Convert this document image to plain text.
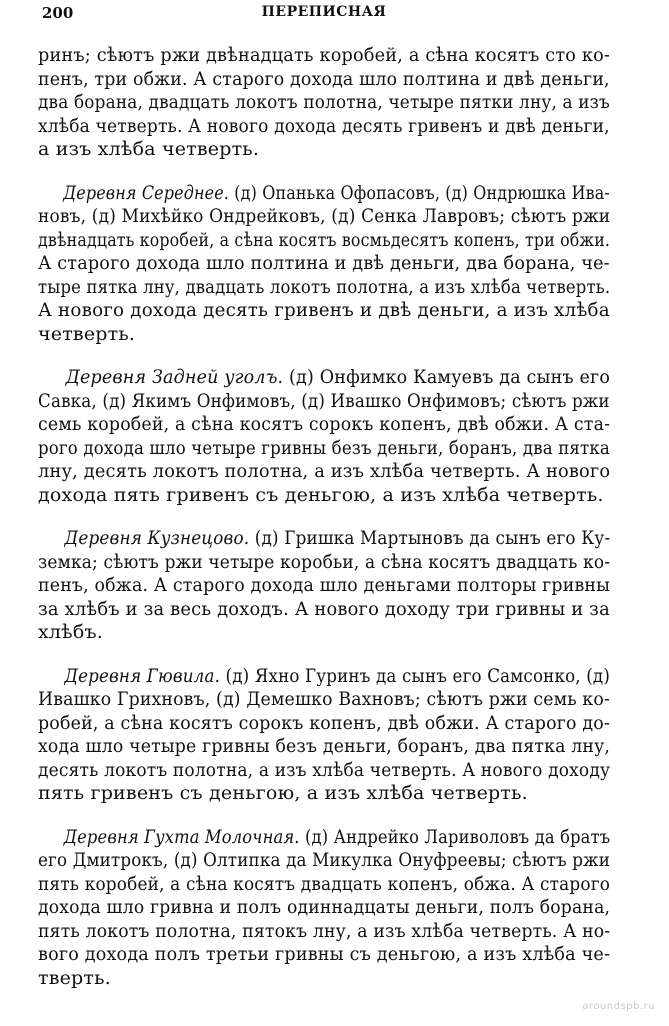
200	ПЕРЕПИСНАЯ
ринъ; сѣютъ ржи двѣнадцать коробей, а сѣна косятъ сто ко-
пенъ, три обжи. А старого дохода шло полтина и двѣ деньги,
два борана, двадцать локотъ полотна, четыре пятки лну, а изъ
хлѣба четверть. А нового дохода десять гривенъ и двѣ деньги,
а изъ хлѣба четверть.
Деревня Середнее. (д) Опанька Офопасовъ, (д) Ондрюшка Ива-
новъ, (д) Михѣйко Ондрейковъ, (д) Сенка Лавровъ; сѣютъ ржи
двѣнадцать коробей, а сѣна косятъ восмьдесятъ копенъ, три обжи.
А старого дохода шло полтина и двѣ деньги, два борана, че-
тыре пятка лну, двадцать локотъ полотна, а изъ хлѣба четверть.
А нового дохода десять гривенъ и двѣ деньги, а изъ хлѣба
четверть.
Деревня Задней уголъ. (д) Онфимко Камуевъ да сынъ его
Савка, (д) Якимъ Онфимовъ, (д) Ивашко Онфимовъ; сѣютъ ржи
семь коробей, а сѣна косятъ сорокъ копенъ, двѣ обжи. А ста-
рого дохода шло четыре гривны безъ деньги, боранъ, два пятка
лну, десять локотъ полотна, а изъ хлѣба четверть. А нового
дохода пять гривенъ съ деньгою, а изъ хлѣба четверть.
Деревня Кузнецово. (д) Гришка Мартыновъ да сынъ его Ку-
земка; сѣютъ ржи четыре коробьи, а сѣна косятъ двадцать ко-
пенъ, обжа. А старого дохода шло деньгами полторы гривны
за хлѣбъ и за весь доходъ. А нового доходу три гривны и за
хлѣбъ.
Деревня Гювила. (д) Яхно Гуринъ да сынъ его Самсонко, (д)
Ивашко Грихновъ, (д) Демешко Вахновъ; сѣютъ ржи семь ко-
робей, а сѣна косятъ сорокъ копенъ, двѣ обжи. А старого до-
хода шло четыре гривны безъ деньги, боранъ, два пятка лну,
десять локотъ полотна, а изъ хлѣба четверть. А нового доходу
пять гривенъ съ деньгою, а изъ хлѣба четверть.
Деревня Гухта Молочная. (д) Андрейко Лариволовъ да братъ
его Дмитрокъ, (д) Олтипка да Микулка Онуфреевы; сѣютъ ржи
пять коробей, а сѣна косятъ двадцать копенъ, обжа. А старого
дохода шло гривна и полъ одиннадцаты деньги, полъ борана,
пять локотъ полотна, пятокъ лну, а изъ хлѣба четверть. А но-
вого дохода полъ третьи гривны съ деньгою, а изъ хлѣба че-
тверть.
aroundspb.ru
